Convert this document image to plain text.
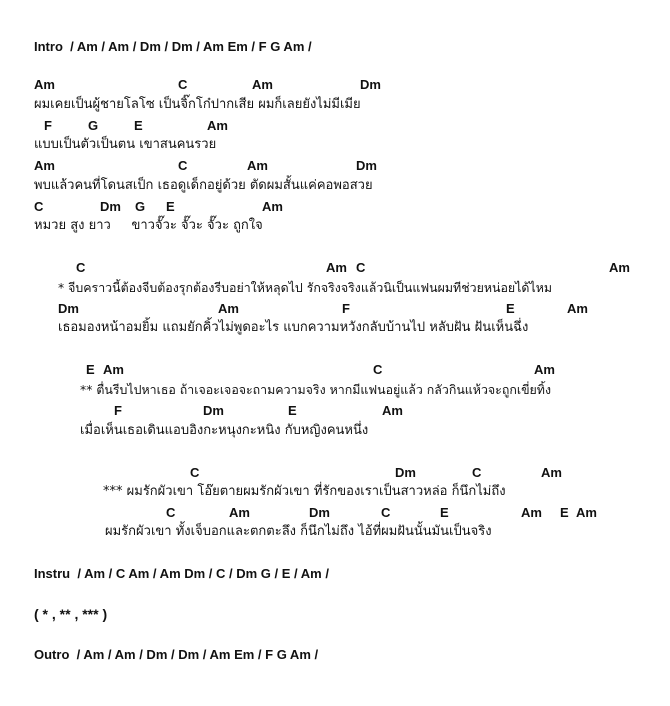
Intro  / Am / Am / Dm / Dm / Am Em / F G Am /
Am	C	Am	Dm
ผมเคยเป็นผู้ชายโลโซ เป็นจิ๊กโก๋ปากเสีย ผมก็เลยยังไม่มีเมีย
F	G	E	Am
แบบเป็นตัวเป็นตน เขาสนคนรวย
Am	C	Am	Dm
พบแล้วคนที่โดนสเป็ก เธอดูเด็กอยู่ด้วย ตัดผมสั้นแค่คอพอสวย
C	Dm G E	Am
หมวย สูง ยาว     ขาวจั๊วะ จั๊วะ จั๊วะ ถูกใจ
C	Am C	Am
* จีบคราวนี้ต้องจีบต้องรุกต้องรีบอย่าให้หลุดไป รักจริงจริงแล้วนิเป็นแฟนผมทีช่วยหน่อยได้ไหม
Dm	Am	F	E	Am
เธอมองหน้าอมยิ้ม แถมยักคิ้วไม่พูดอะไร แบกความหวังกลับบ้านไป หลับฝัน ฝันเห็นฉึ่ง
E Am	C	Am
** ตื่นรีบไปหาเธอ ถ้าเจอะเจอจะถามความจริง หากมีแฟนอยู่แล้ว กลัวกินแห้วจะถูกเขี่ยทิ้ง
F	Dm	E	Am
เมื่อเห็นเธอเดินแอบอิงกะหนุงกะหนิง กับหญิงคนหนึ่ง
C	Dm	C	Am
*** ผมรักผัวเขา โอ๊ยตายผมรักผัวเขา ที่รักของเราเป็นสาวหล่อ ก็นึกไม่ถึง
C	Am	Dm	C	E	Am E Am
ผมรักผัวเขา ทั้งเจ็บอกและตกตะลึง ก็นึกไม่ถึง ไอ้ที่ผมฝันนั้นมันเป็นจริง
Instru  / Am / C Am / Am Dm / C / Dm G / E / Am /
( * , ** , *** )
Outro  / Am / Am / Dm / Dm / Am Em / F G Am /
